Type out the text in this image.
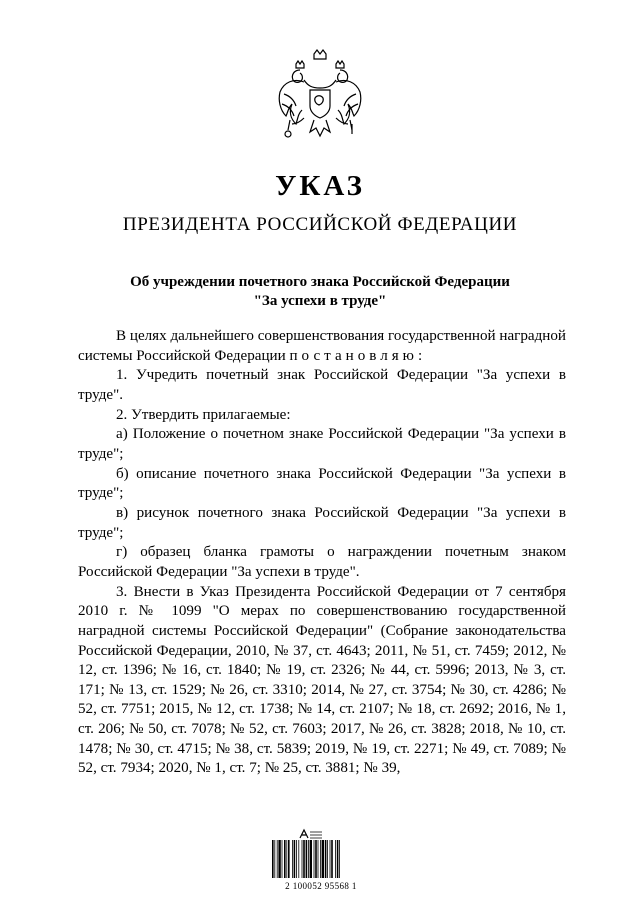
УКАЗ
ПРЕЗИДЕНТА РОССИЙСКОЙ ФЕДЕРАЦИИ
Об учреждении почетного знака Российской Федерации
"За успехи в труде"

В целях дальнейшего совершенствования государственной наградной системы Российской Федерации постановляю:

1. Учредить почетный знак Российской Федерации "За успехи в труде".

2. Утвердить прилагаемые:

а) Положение о почетном знаке Российской Федерации "За успехи в труде";

б) описание почетного знака Российской Федерации "За успехи в труде";

в) рисунок почетного знака Российской Федерации "За успехи в труде";

г) образец бланка грамоты о награждении почетным знаком Российской Федерации "За успехи в труде".

3. Внести в Указ Президента Российской Федерации от 7 сентября 2010 г. № 1099 "О мерах по совершенствованию государственной наградной системы Российской Федерации" (Собрание законодательства Российской Федерации, 2010, № 37, ст. 4643; 2011, № 51, ст. 7459; 2012, № 12, ст. 1396; № 16, ст. 1840; № 19, ст. 2326; № 44, ст. 5996; 2013, № 3, ст. 171; № 13, ст. 1529; № 26, ст. 3310; 2014, № 27, ст. 3754; № 30, ст. 4286; № 52, ст. 7751; 2015, № 12, ст. 1738; № 14, ст. 2107; № 18, ст. 2692; 2016, № 1, ст. 206; № 50, ст. 7078; № 52, ст. 7603; 2017, № 26, ст. 3828; 2018, № 10, ст. 1478; № 30, ст. 4715; № 38, ст. 5839; 2019, № 19, ст. 2271; № 49, ст. 7089; № 52, ст. 7934; 2020, № 1, ст. 7; № 25, ст. 3881; № 39,

2 100052 95568 1
